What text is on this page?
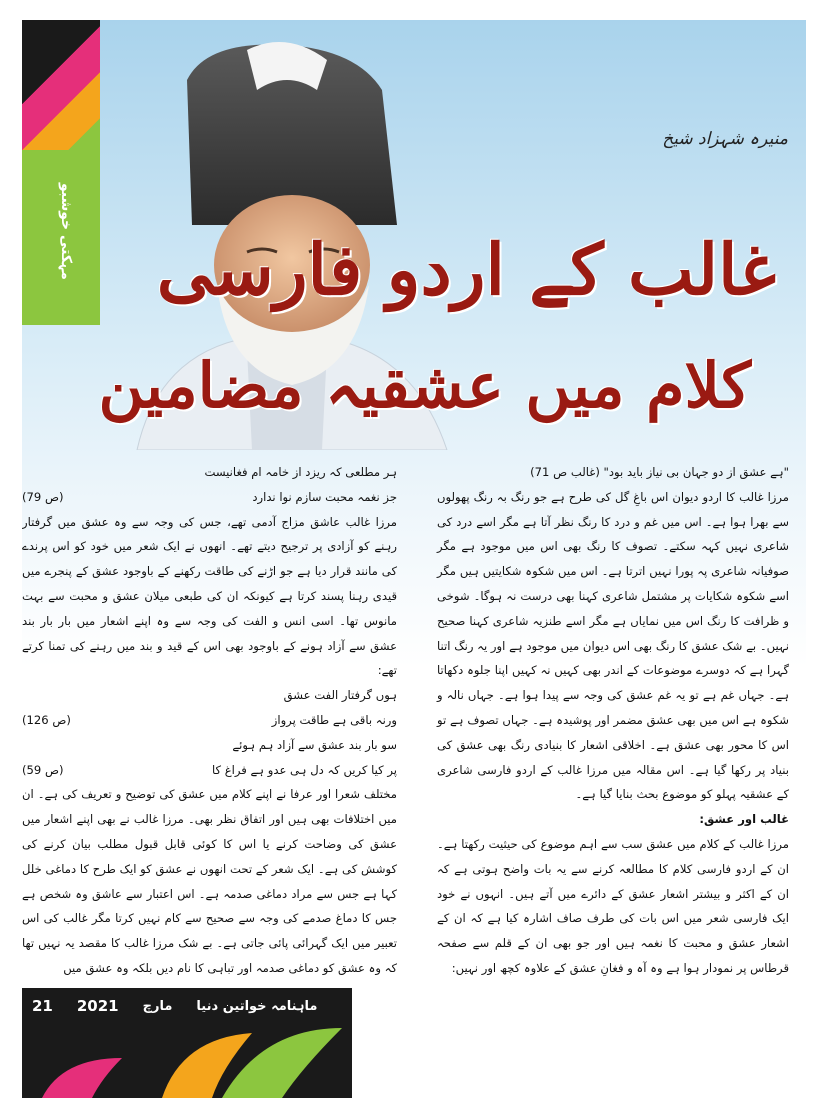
مہکتی خوشبو
منیرہ شہزاد شیخ
غالب کے اردو فارسی
کلام میں عشقیہ مضامین

"ہے عشق از دو جہان بی نیاز باید بود" (غالب ص 71)

مرزا غالب کا اردو دیوان اس باغِ گل کی طرح ہے جو رنگ بہ رنگ پھولوں سے بھرا ہوا ہے۔ اس میں غم و درد کا رنگ نظر آتا ہے مگر اسے درد کی شاعری نہیں کہہ سکتے۔ تصوف کا رنگ بھی اس میں موجود ہے مگر صوفیانہ شاعری پہ پورا نہیں اترتا ہے۔ اس میں شکوہ شکایتیں ہیں مگر اسے شکوہ شکایات پر مشتمل شاعری کہنا بھی درست نہ ہوگا۔ شوخی و ظرافت کا رنگ اس میں نمایاں ہے مگر اسے طنزیہ شاعری کہنا صحیح نہیں۔ بے شک عشق کا رنگ بھی اس دیوان میں موجود ہے اور یہ رنگ اتنا گہرا ہے کہ دوسرے موضوعات کے اندر بھی کہیں نہ کہیں اپنا جلوہ دکھاتا ہے۔ جہاں غم ہے تو یہ غم عشق کی وجہ سے پیدا ہوا ہے۔ جہاں نالہ و شکوہ ہے اس میں بھی عشق مضمر اور پوشیدہ ہے۔ جہاں تصوف ہے تو اس کا محور بھی عشق ہے۔ اخلاقی اشعار کا بنیادی رنگ بھی عشق کی بنیاد پر رکھا گیا ہے۔ اس مقالہ میں مرزا غالب کے اردو فارسی شاعری کے عشقیہ پہلو کو موضوع بحث بنایا گیا ہے۔

غالب اور عشق:

مرزا غالب کے کلام میں عشق سب سے اہم موضوع کی حیثیت رکھتا ہے۔ ان کے اردو فارسی کلام کا مطالعہ کرنے سے یہ بات واضح ہوتی ہے کہ ان کے اکثر و بیشتر اشعار عشق کے دائرے میں آتے ہیں۔ انہوں نے خود ایک فارسی شعر میں اس بات کی طرف صاف اشارہ کیا ہے کہ ان کے اشعار عشق و محبت کا نغمہ ہیں اور جو بھی ان کے قلم سے صفحہ قرطاس پر نمودار ہوا ہے وہ آہ و فغانِ عشق کے علاوہ کچھ اور نہیں:

ہر مطلعی کہ ریزد از خامہ ام فغانیست

جز نغمہ محبت سازم نوا ندارد
(ص 79)

مرزا غالب عاشق مزاج آدمی تھے، جس کی وجہ سے وہ عشق میں گرفتار رہنے کو آزادی پر ترجیح دیتے تھے۔ انھوں نے ایک شعر میں خود کو اس پرندے کی مانند قرار دیا ہے جو اڑنے کی طاقت رکھنے کے باوجود عشق کے پنجرے میں قیدی رہنا پسند کرتا ہے کیونکہ ان کی طبعی میلان عشق و محبت سے بہت مانوس تھا۔ اسی انس و الفت کی وجہ سے وہ اپنے اشعار میں بار بار بند عشق سے آزاد ہونے کے باوجود بھی اس کے قید و بند میں رہنے کی تمنا کرتے تھے:

ہوں گرفتار الفت عشق

ورنہ باقی ہے طاقت پرواز
(ص 126)

سو بار بند عشق سے آزاد ہم ہوئے

پر کیا کریں کہ دل ہی عدو ہے فراغ کا
(ص 59)

مختلف شعرا اور عرفا نے اپنے کلام میں عشق کی توضیح و تعریف کی ہے۔ ان میں اختلافات بھی ہیں اور اتفاق نظر بھی۔ مرزا غالب نے بھی اپنے اشعار میں عشق کی وضاحت کرنے یا اس کا کوئی قابل قبول مطلب بیان کرنے کی کوشش کی ہے۔ ایک شعر کے تحت انھوں نے عشق کو ایک طرح کا دماغی خلل کہا ہے جس سے مراد دماغی صدمہ ہے۔ اس اعتبار سے عاشق وہ شخص ہے جس کا دماغ صدمے کی وجہ سے صحیح سے کام نہیں کرتا مگر غالب کی اس تعبیر میں ایک گہرائی پائی جاتی ہے۔ بے شک مرزا غالب کا مقصد یہ نہیں تھا کہ وہ عشق کو دماغی صدمہ اور تباہی کا نام دیں بلکہ وہ عشق میں

21 2021 مارچ ماہنامہ خواتین دنیا
